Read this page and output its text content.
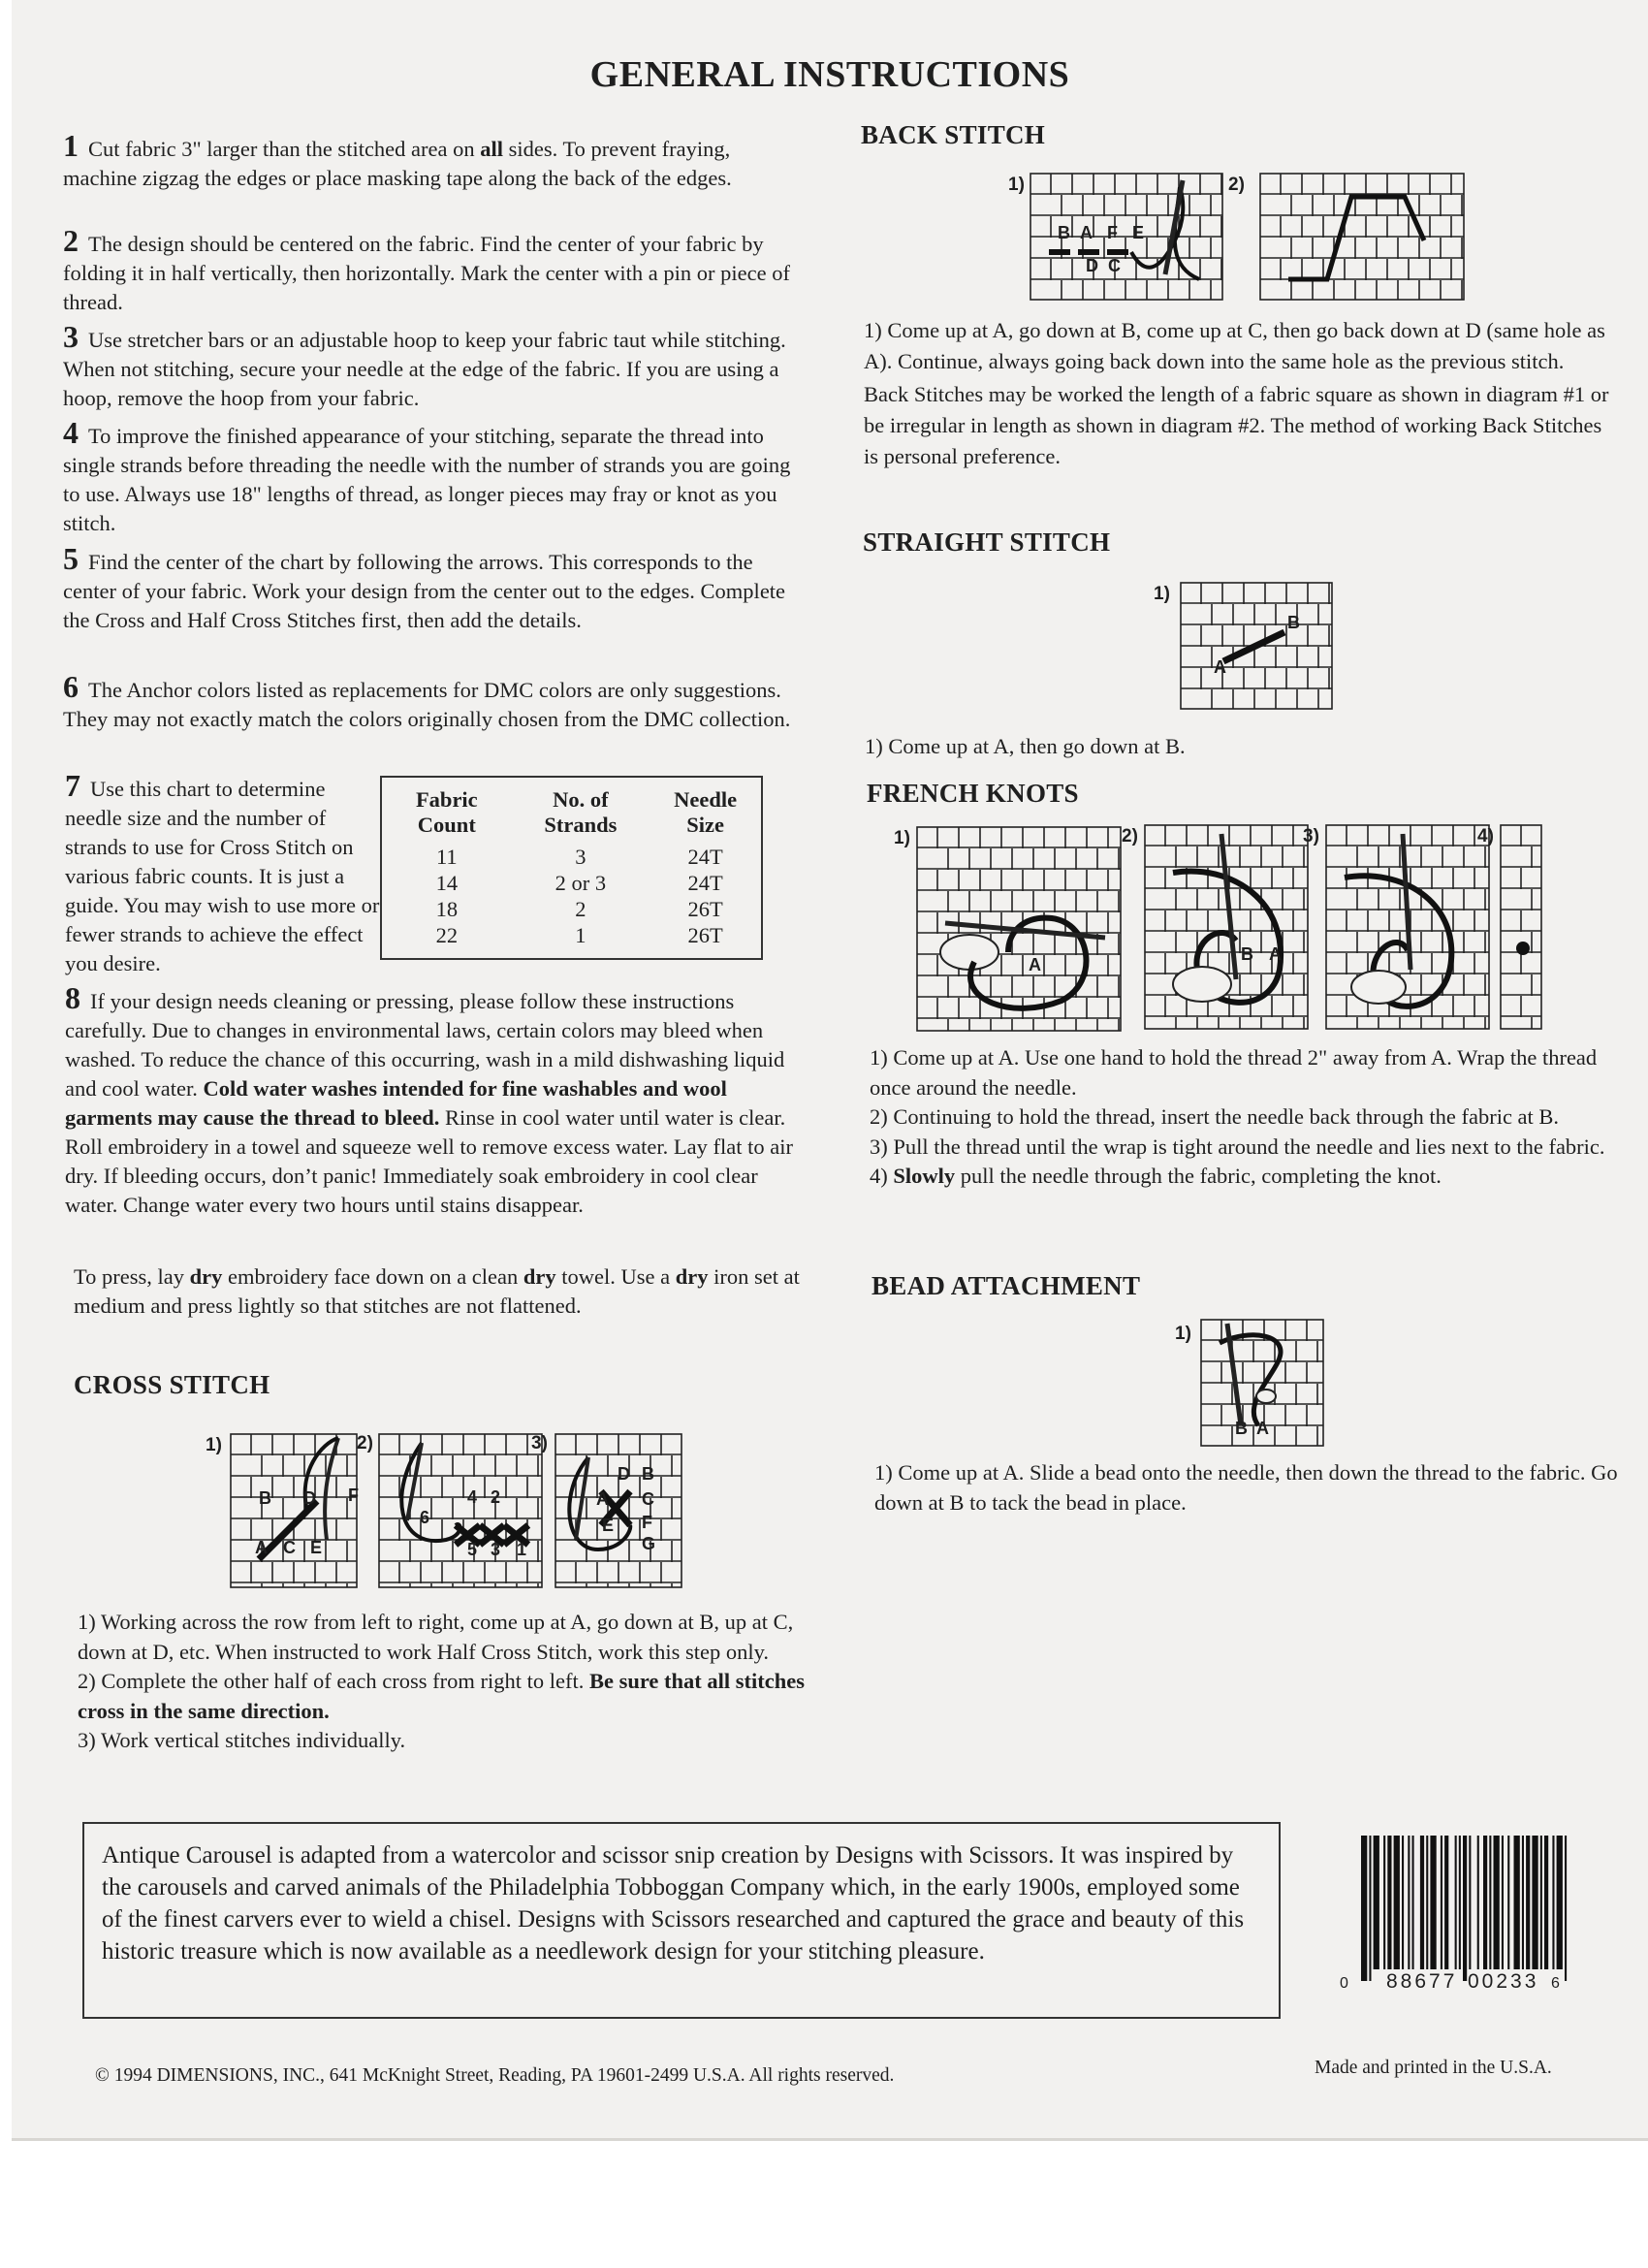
GENERAL INSTRUCTIONS
1 Cut fabric 3" larger than the stitched area on all sides. To prevent fraying, machine zigzag the edges or place masking tape along the back of the edges.
2 The design should be centered on the fabric. Find the center of your fabric by folding it in half vertically, then horizontally. Mark the center with a pin or piece of thread.
3 Use stretcher bars or an adjustable hoop to keep your fabric taut while stitching. When not stitching, secure your needle at the edge of the fabric. If you are using a hoop, remove the hoop from your fabric.
4 To improve the finished appearance of your stitching, separate the thread into single strands before threading the needle with the number of strands you are going to use. Always use 18" lengths of thread, as longer pieces may fray or knot as you stitch.
5 Find the center of the chart by following the arrows. This corresponds to the center of your fabric. Work your design from the center out to the edges. Complete the Cross and Half Cross Stitches first, then add the details.
6 The Anchor colors listed as replacements for DMC colors are only suggestions. They may not exactly match the colors originally chosen from the DMC collection.
7 Use this chart to determine needle size and the number of strands to use for Cross Stitch on various fabric counts. It is just a guide. You may wish to use more or fewer strands to achieve the effect you desire.
Fabric Count	No. of Strands	Needle Size
11	3	24T
14	2 or 3	24T
18	2	26T
22	1	26T
8 If your design needs cleaning or pressing, please follow these instructions carefully. Due to changes in environmental laws, certain colors may bleed when washed. To reduce the chance of this occurring, wash in a mild dishwashing liquid and cool water. Cold water washes intended for fine washables and wool garments may cause the thread to bleed. Rinse in cool water until water is clear. Roll embroidery in a towel and squeeze well to remove excess water. Lay flat to air dry. If bleeding occurs, don’t panic! Immediately soak embroidery in cool clear water. Change water every two hours until stains disappear.
To press, lay dry embroidery face down on a clean dry towel. Use a dry iron set at medium and press lightly so that stitches are not flattened.
CROSS STITCH
1)	2)	3)
B D F
A C E
4 2
6
5 3 1
D B
A C
F
E
G

1) Working across the row from left to right, come up at A, go down at B, up at C, down at D, etc. When instructed to work Half Cross Stitch, work this step only.

2) Complete the other half of each cross from right to left. Be sure that all stitches cross in the same direction.

3) Work vertical stitches individually.

BACK STITCH
1)	2)
B A F E
D C

1) Come up at A, go down at B, come up at C, then go back down at D (same hole as A). Continue, always going back down into the same hole as the previous stitch.

Back Stitches may be worked the length of a fabric square as shown in diagram #1 or be irregular in length as shown in diagram #2. The method of working Back Stitches is personal preference.

STRAIGHT STITCH
1)
B
A

1) Come up at A, then go down at B.

FRENCH KNOTS
1)	2)	3)	4)
A
B A

1) Come up at A. Use one hand to hold the thread 2" away from A. Wrap the thread once around the needle.

2) Continuing to hold the thread, insert the needle back through the fabric at B.

3) Pull the thread until the wrap is tight around the needle and lies next to the fabric.

4) Slowly pull the needle through the fabric, completing the knot.

BEAD ATTACHMENT
1)
B A

1) Come up at A. Slide a bead onto the needle, then down the thread to the fabric. Go down at B to tack the bead in place.

Antique Carousel is adapted from a watercolor and scissor snip creation by Designs with Scissors. It was inspired by the carousels and carved animals of the Philadelphia Tobboggan Company which, in the early 1900s, employed some of the finest carvers ever to wield a chisel. Designs with Scissors researched and captured the grace and beauty of this historic treasure which is now available as a needlework design for your stitching pleasure.
0 88677 00233 6
© 1994 DIMENSIONS, INC., 641 McKnight Street, Reading, PA 19601-2499 U.S.A. All rights reserved.	Made and printed in the U.S.A.
